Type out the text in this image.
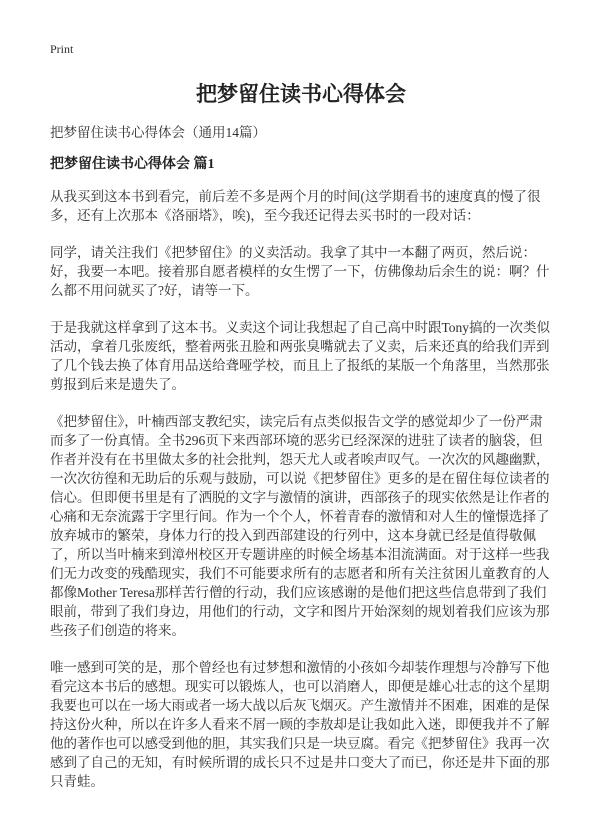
Print
把梦留住读书心得体会
把梦留住读书心得体会（通用14篇）
把梦留住读书心得体会 篇1

从我买到这本书到看完，前后差不多是两个月的时间(这学期看书的速度真的慢了很多，还有上次那本《洛丽塔》，唉)，至今我还记得去买书时的一段对话：

同学，请关注我们《把梦留住》的义卖活动。我拿了其中一本翻了两页，然后说：好，我要一本吧。接着那自愿者模样的女生愣了一下，仿佛像劫后余生的说：啊？什么都不用问就买了?好，请等一下。

于是我就这样拿到了这本书。义卖这个词让我想起了自己高中时跟Tony搞的一次类似活动，拿着几张废纸，整着两张丑脸和两张臭嘴就去了义卖，后来还真的给我们弄到了几个钱去换了体育用品送给聋哑学校，而且上了报纸的某版一个角落里，当然那张剪报到后来是遗失了。

《把梦留住》，叶楠西部支教纪实，读完后有点类似报告文学的感觉却少了一份严肃而多了一份真情。全书296页下来西部环境的恶劣已经深深的进驻了读者的脑袋，但作者并没有在书里做太多的社会批判，怨天尤人或者唉声叹气。一次次的风趣幽默，一次次彷徨和无助后的乐观与鼓励，可以说《把梦留住》更多的是在留住每位读者的信心。但即便书里是有了洒脱的文字与激情的演讲，西部孩子的现实依然是让作者的心痛和无奈流露于字里行间。作为一个个人，怀着青春的激情和对人生的憧憬选择了放弃城市的繁荣，身体力行的投入到西部建设的行列中，这本身就已经是值得敬佩了，所以当叶楠来到漳州校区开专题讲座的时候全场基本泪流满面。对于这样一些我们无力改变的残酷现实，我们不可能要求所有的志愿者和所有关注贫困儿童教育的人都像Mother Teresa那样苦行僧的行动，我们应该感谢的是他们把这些信息带到了我们眼前，带到了我们身边，用他们的行动，文字和图片开始深刻的规划着我们应该为那些孩子们创造的将来。

唯一感到可笑的是，那个曾经也有过梦想和激情的小孩如今却装作理想与冷静写下他看完这本书后的感想。现实可以锻炼人，也可以消磨人，即便是雄心壮志的这个星期我要也可以在一场大雨或者一场大战以后灰飞烟灭。产生激情并不困难，困难的是保持这份火种，所以在许多人看来不屑一顾的李敖却是让我如此入迷，即便我并不了解他的著作也可以感受到他的胆，其实我们只是一块豆腐。看完《把梦留住》我再一次感到了自己的无知，有时候所谓的成长只不过是井口变大了而已，你还是井下面的那只青蛙。
